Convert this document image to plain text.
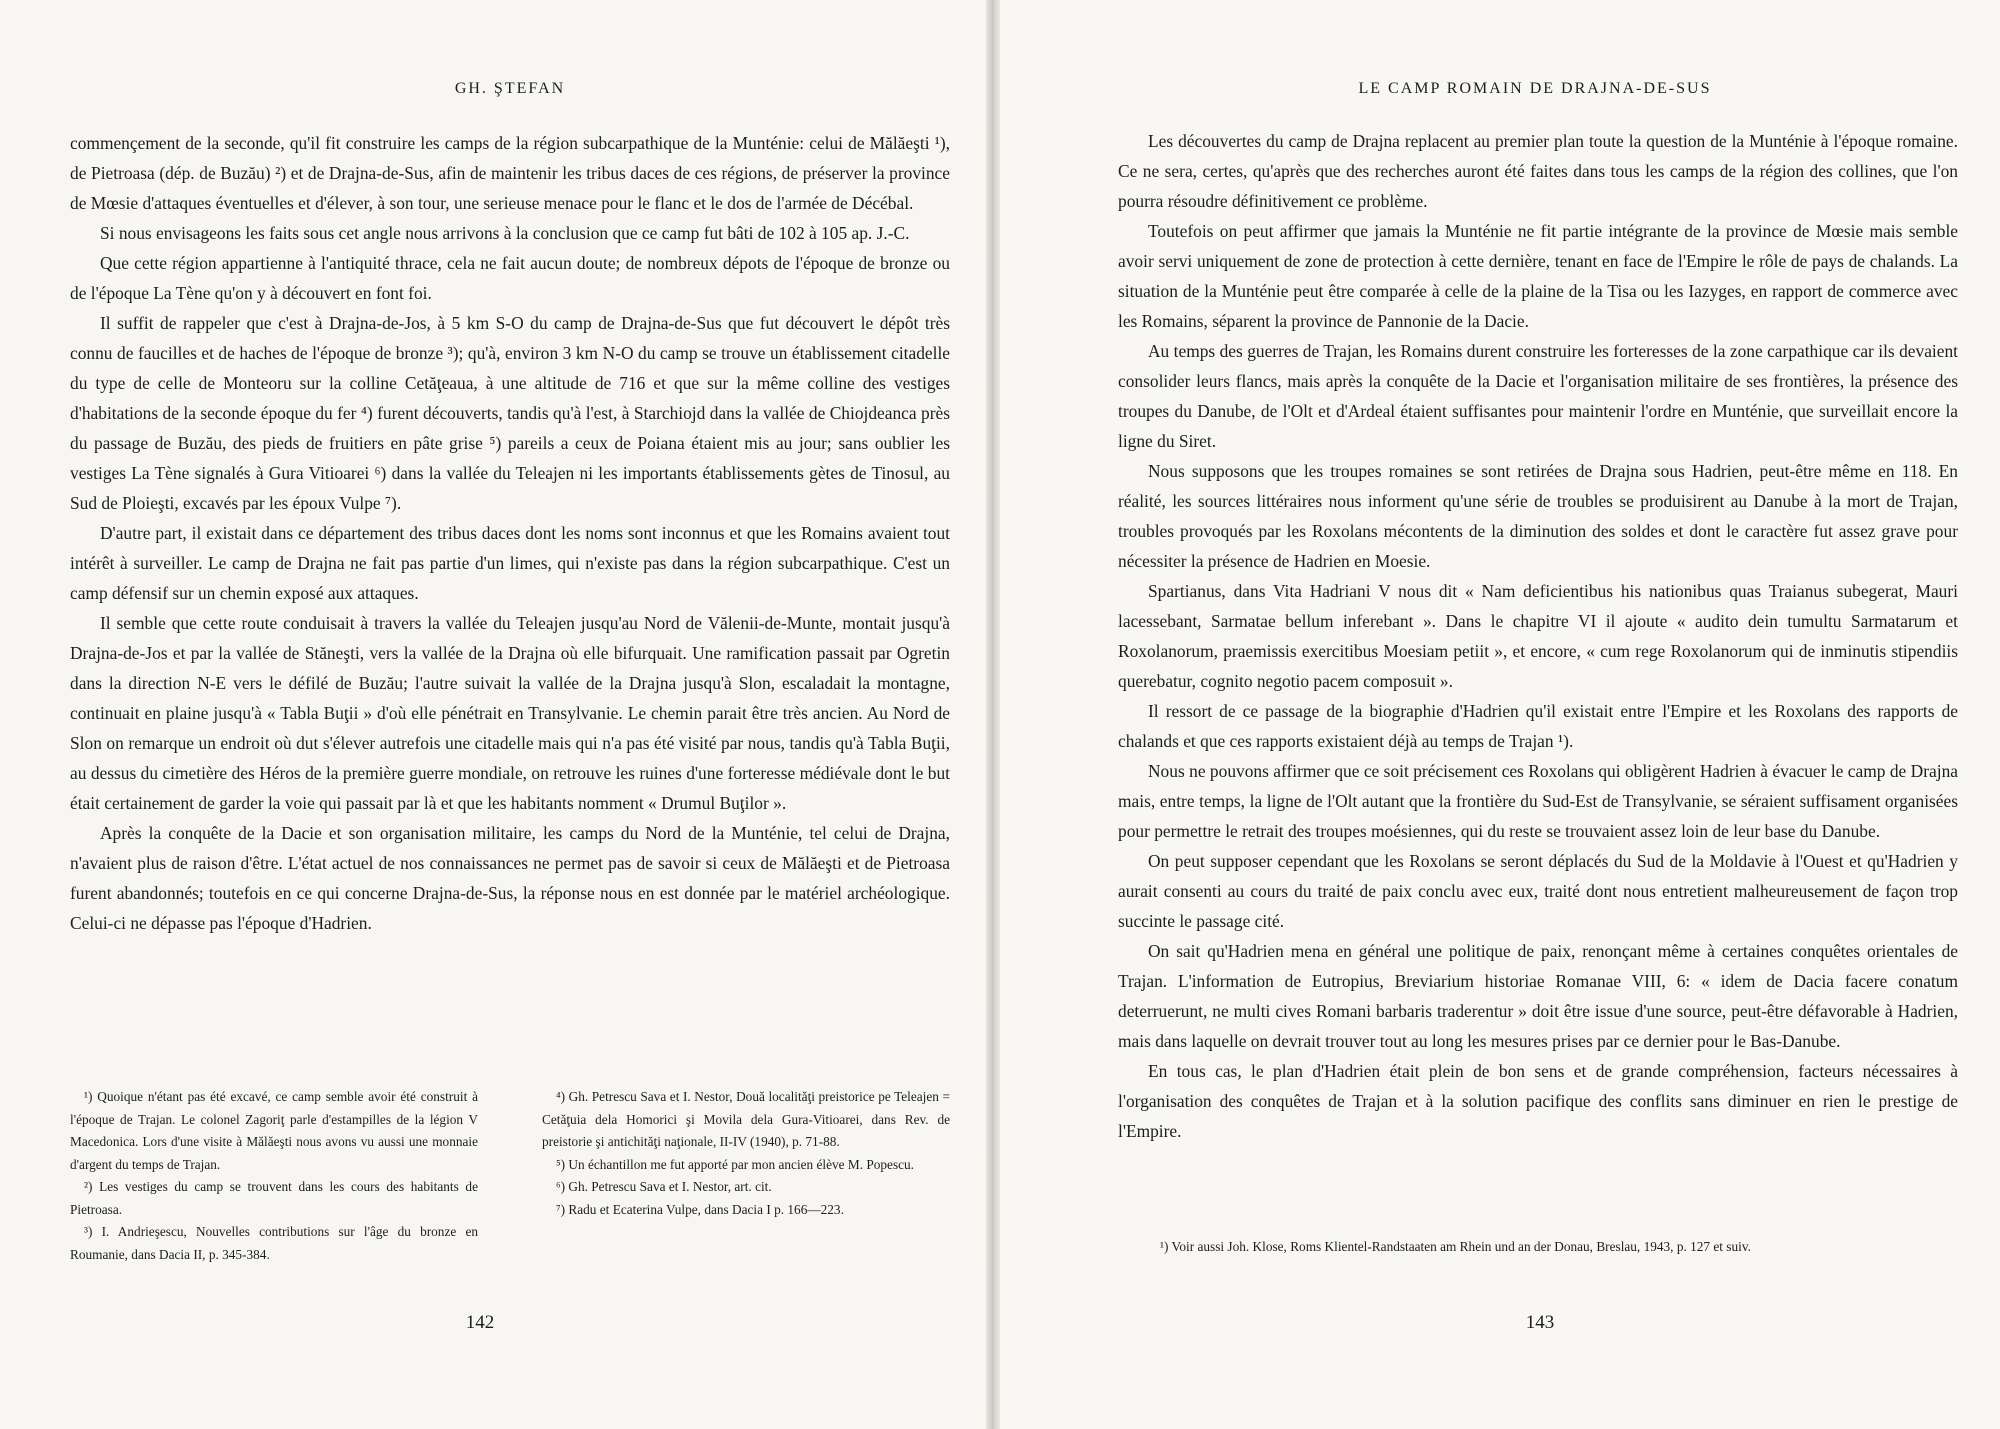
GH. ŞTEFAN

commençement de la seconde, qu'il fit construire les camps de la région subcarpathique de la Munténie: celui de Mălăeşti ¹), de Pietroasa (dép. de Buzău) ²) et de Drajna-de-Sus, afin de maintenir les tribus daces de ces régions, de préserver la province de Mœsie d'attaques éventuelles et d'élever, à son tour, une serieuse menace pour le flanc et le dos de l'armée de Décébal.

Si nous envisageons les faits sous cet angle nous arrivons à la conclusion que ce camp fut bâti de 102 à 105 ap. J.-C.

Que cette région appartienne à l'antiquité thrace, cela ne fait aucun doute; de nombreux dépots de l'époque de bronze ou de l'époque La Tène qu'on y à découvert en font foi.

Il suffit de rappeler que c'est à Drajna-de-Jos, à 5 km S-O du camp de Drajna-de-Sus que fut découvert le dépôt très connu de faucilles et de haches de l'époque de bronze ³); qu'à, environ 3 km N-O du camp se trouve un établissement citadelle du type de celle de Monteoru sur la colline Cetăţeaua, à une altitude de 716 et que sur la même colline des vestiges d'habitations de la seconde époque du fer ⁴) furent découverts, tandis qu'à l'est, à Starchiojd dans la vallée de Chiojdeanca près du passage de Buzău, des pieds de fruitiers en pâte grise ⁵) pareils a ceux de Poiana étaient mis au jour; sans oublier les vestiges La Tène signalés à Gura Vitioarei ⁶) dans la vallée du Teleajen ni les importants établissements gètes de Tinosul, au Sud de Ploieşti, excavés par les époux Vulpe ⁷).

D'autre part, il existait dans ce département des tribus daces dont les noms sont inconnus et que les Romains avaient tout intérêt à surveiller. Le camp de Drajna ne fait pas partie d'un limes, qui n'existe pas dans la région subcarpathique. C'est un camp défensif sur un chemin exposé aux attaques.

Il semble que cette route conduisait à travers la vallée du Teleajen jusqu'au Nord de Vălenii-de-Munte, montait jusqu'à Drajna-de-Jos et par la vallée de Stăneşti, vers la vallée de la Drajna où elle bifurquait. Une ramification passait par Ogretin dans la direction N-E vers le défilé de Buzău; l'autre suivait la vallée de la Drajna jusqu'à Slon, escaladait la montagne, continuait en plaine jusqu'à « Tabla Buţii » d'où elle pénétrait en Transylvanie. Le chemin parait être très ancien. Au Nord de Slon on remarque un endroit où dut s'élever autrefois une citadelle mais qui n'a pas été visité par nous, tandis qu'à Tabla Buţii, au dessus du cimetière des Héros de la première guerre mondiale, on retrouve les ruines d'une forteresse médiévale dont le but était certainement de garder la voie qui passait par là et que les habitants nomment « Drumul Buţilor ».

Après la conquête de la Dacie et son organisation militaire, les camps du Nord de la Munténie, tel celui de Drajna, n'avaient plus de raison d'être. L'état actuel de nos connaissances ne permet pas de savoir si ceux de Mălăeşti et de Pietroasa furent abandonnés; toutefois en ce qui concerne Drajna-de-Sus, la réponse nous en est donnée par le matériel archéologique. Celui-ci ne dépasse pas l'époque d'Hadrien.

¹) Quoique n'étant pas été excavé, ce camp semble avoir été construit à l'époque de Trajan. Le colonel Zagoriţ parle d'estampilles de la légion V Macedonica. Lors d'une visite à Mălăeşti nous avons vu aussi une monnaie d'argent du temps de Trajan.

²) Les vestiges du camp se trouvent dans les cours des habitants de Pietroasa.

³) I. Andrieşescu, Nouvelles contributions sur l'âge du bronze en Roumanie, dans Dacia II, p. 345-384.

⁴) Gh. Petrescu Sava et I. Nestor, Două localităţi preistorice pe Teleajen = Cetăţuia dela Homorici şi Movila dela Gura-Vitioarei, dans Rev. de preistorie şi antichităţi naţionale, II-IV (1940), p. 71-88.

⁵) Un échantillon me fut apporté par mon ancien élève M. Popescu.

⁶) Gh. Petrescu Sava et I. Nestor, art. cit.

⁷) Radu et Ecaterina Vulpe, dans Dacia I p. 166—223.

142
LE CAMP ROMAIN DE DRAJNA-DE-SUS

Les découvertes du camp de Drajna replacent au premier plan toute la question de la Munténie à l'époque romaine. Ce ne sera, certes, qu'après que des recherches auront été faites dans tous les camps de la région des collines, que l'on pourra résoudre définitivement ce problème.

Toutefois on peut affirmer que jamais la Munténie ne fit partie intégrante de la province de Mœsie mais semble avoir servi uniquement de zone de protection à cette dernière, tenant en face de l'Empire le rôle de pays de chalands. La situation de la Munténie peut être comparée à celle de la plaine de la Tisa ou les Iazyges, en rapport de commerce avec les Romains, séparent la province de Pannonie de la Dacie.

Au temps des guerres de Trajan, les Romains durent construire les forteresses de la zone carpathique car ils devaient consolider leurs flancs, mais après la conquête de la Dacie et l'organisation militaire de ses frontières, la présence des troupes du Danube, de l'Olt et d'Ardeal étaient suffisantes pour maintenir l'ordre en Munténie, que surveillait encore la ligne du Siret.

Nous supposons que les troupes romaines se sont retirées de Drajna sous Hadrien, peut-être même en 118. En réalité, les sources littéraires nous informent qu'une série de troubles se produisirent au Danube à la mort de Trajan, troubles provoqués par les Roxolans mécontents de la diminution des soldes et dont le caractère fut assez grave pour nécessiter la présence de Hadrien en Moesie.

Spartianus, dans Vita Hadriani V nous dit « Nam deficientibus his nationibus quas Traianus subegerat, Mauri lacessebant, Sarmatae bellum inferebant ». Dans le chapitre VI il ajoute « audito dein tumultu Sarmatarum et Roxolanorum, praemissis exercitibus Moesiam petiit », et encore, « cum rege Roxolanorum qui de inminutis stipendiis querebatur, cognito negotio pacem composuit ».

Il ressort de ce passage de la biographie d'Hadrien qu'il existait entre l'Empire et les Roxolans des rapports de chalands et que ces rapports existaient déjà au temps de Trajan ¹).

Nous ne pouvons affirmer que ce soit précisement ces Roxolans qui obligèrent Hadrien à évacuer le camp de Drajna mais, entre temps, la ligne de l'Olt autant que la frontière du Sud-Est de Transylvanie, se séraient suffisament organisées pour permettre le retrait des troupes moésiennes, qui du reste se trouvaient assez loin de leur base du Danube.

On peut supposer cependant que les Roxolans se seront déplacés du Sud de la Moldavie à l'Ouest et qu'Hadrien y aurait consenti au cours du traité de paix conclu avec eux, traité dont nous entretient malheureusement de façon trop succinte le passage cité.

On sait qu'Hadrien mena en général une politique de paix, renonçant même à certaines conquêtes orientales de Trajan. L'information de Eutropius, Breviarium historiae Romanae VIII, 6: « idem de Dacia facere conatum deterruerunt, ne multi cives Romani barbaris traderentur » doit être issue d'une source, peut-être défavorable à Hadrien, mais dans laquelle on devrait trouver tout au long les mesures prises par ce dernier pour le Bas-Danube.

En tous cas, le plan d'Hadrien était plein de bon sens et de grande compréhension, facteurs nécessaires à l'organisation des conquêtes de Trajan et à la solution pacifique des conflits sans diminuer en rien le prestige de l'Empire.

¹) Voir aussi Joh. Klose, Roms Klientel-Randstaaten am Rhein und an der Donau, Breslau, 1943, p. 127 et suiv.

143
